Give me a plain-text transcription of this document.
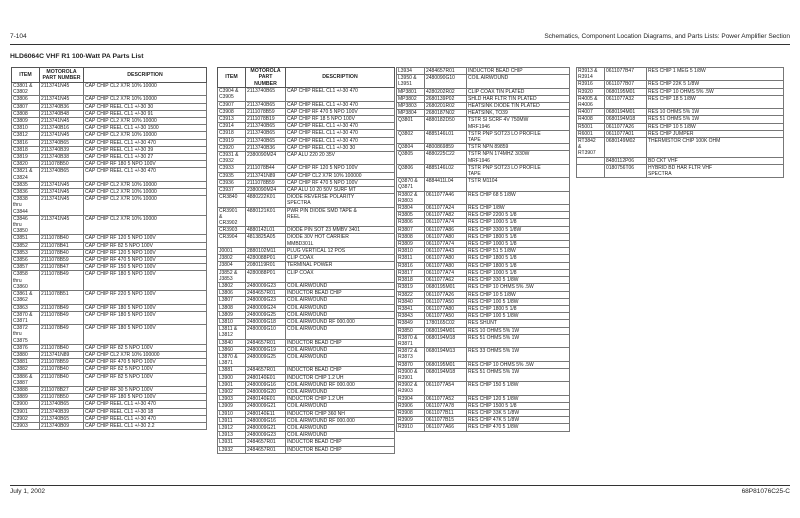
7-104	Schematics, Component Location Diagrams, and Parts Lists: Power Amplifier Section
HLD6064C VHF R1 100-Watt PA Parts List
ITEM	MOTOROLA
PART NUMBER	DESCRIPTION
C3801 &
C3802	2113741N45	CAP CHIP CL2 X7R 10% 10000
C3806	2113741N45	CAP CHIP CL2 X7R 10% 10000
C3807	2113740B36	CAP CHIP REEL CL1 +/-30 30
C3808	2113740B48	CAP CHIP REEL CL1 +/-30 91
C3809	2113741N45	CAP CHIP CL2 X7R 10% 10000
C3810	2113740B16	CAP CHIP REEL CL1 +/-30 1500
C3812	2113741N45	CAP CHIP CL2 X7R 10% 10000
C3816	2113740B65	CAP CHIP REEL CL1 +/-30 470
C3818	2113740B39	CAP CHIP REEL CL1 +/-30 39
C3819	2113740B38	CAP CHIP REEL CL1 +/-30 27
C3820	2111078B50	CAP CHIP RF 180 5 NPO 100V
C3821 &
C3824	2113740B65	CAP CHIP REEL CL1 +/-30 470
C3835	2113741N45	CAP CHIP CL2 X7R 10% 10000
C3836	2113741N45	CAP CHIP CL2 X7R 10% 10000
C3838
thru
C3844	2113741N45	CAP CHIP CL2 X7R 10% 10000
C3846
thru
C3850	2113741N45	CAP CHIP CL2 X7R 10% 10000
C3851	2111078B40	CAP CHIP RF 120 5 NPO 100V
C3852	2111078B41	CAP CHIP RF 82 5 NPO 100V
C3853	2111078B40	CAP CHIP RF 120 5 NPO 100V
C3856	2111078B59	CAP CHIP RF 470 5 NPO 100V
C3857	2111078B47	CAP CHIP RF 150 5 NPO 100V
C3858
thru
C3860	2111078B49	CAP CHIP RF 180 5 NPO 100V
C3861 &
C3862	2111078B51	CAP CHIP RF 220 5 NPO 100V
C3863	2111078B49	CAP CHIP RF 180 5 NPO 100V
C3870 &
C3871	2111078B49	CAP CHIP RF 180 5 NPO 100V
C3872
thru
C3875	2111078B49	CAP CHIP RF 180 5 NPO 100V
C3876	2111078B40	CAP CHIP RF 82 5 NPO 100V
C3880	2113741N89	CAP CHIP CL2 X7R 10% 100000
C3881	2111078B59	CAP CHIP RF 470 5 NPO 100V
C3882	2111078B40	CAP CHIP RF 82 5 NPO 100V
C3886 &
C3887	2111078B40	CAP CHIP RF 82 5 NPO 100V
C3888	2111078B27	CAP CHIP RF 30 5 NPO 100V
C3889	2111078B50	CAP CHIP RF 180 5 NPO 100V
C3900	2113740B65	CAP CHIP REEL CL1 +/-30 470
C3901	2113740B39	CAP CHIP REEL CL1 +/-30 18
C3902	2113740B65	CAP CHIP REEL CL1 +/-30 470
C3903	2113740B09	CAP CHIP REEL CL1 +/-30 2.2
ITEM	MOTOROLA
PART NUMBER	DESCRIPTION
C3904 &
C3905	2113740B65	CAP CHIP REEL CL1 +/-30 470
C3907	2113740B65	CAP CHIP REEL CL1 +/-30 470
C3908	2111078B59	CAP CHIP RF 470 5 NPO 100V
C3913	2111078B19	CAP CHIP RF 18 5 NPO 100V
C3914	2113740B65	CAP CHIP REEL CL1 +/-30 470
C3918	2113740B65	CAP CHIP REEL CL1 +/-30 470
C3919	2113740B65	CAP CHIP REEL CL1 +/-30 470
C3920	2113740B36	CAP CHIP REEL CL1 +/-30 30
C3931 &
C3932	2380090M24	CAP ALU 220 20 35V
C3933	2111078B44	CAP CHIP RF 120 5 NPO 100V
C3935	2113741N89	CAP CHIP CL2 X7R 10% 100000
C3936	2111078B59	CAP CHIP RF 470 5 NPO 100V
C3937	2380090M24	CAP ALU 10 20 50V SURF MT
CR3840	4880222K01	DIODE REVERSE POLARITY
SPECTRA
CR3901
&
CR3902	4880121K01	PWR PIN DIODE SMD TAPE &
REEL
CR3903	4880142L01	DIODE PIN SOT 23 MMBV 3401
CR3904	4813825A05	DIODE 30V HOT CARRIER
MMBD301L
J0001	2880102M11	PLUG VERTICAL 12 POS
J3802	4280088P01	CLIP COAX
J3804	2080119R01	TERMINAL POWER
J3852 &
J3853	4280088P01	CLIP COAX
L3802	2480009G23	COIL AIRWOUND
L3806	2484657R01	INDUCTOR BEAD CHIP
L3807	2480009G23	COIL AIRWOUND
L3808	2480009G24	COIL AIRWOUND
L3809	2480009G25	COIL AIRWOUND
L3810	2480009G18	COIL AIRWOUND RF 000.000
L3811 &
L3812	2480009G10	COIL AIRWOUND
L3840	2484657R01	INDUCTOR BEAD CHIP
L3860	2480009G19	COIL AIRWOUND
L3870 &
L3871	2480009G25	COIL AIRWOUND
L3881	2484657R01	INDUCTOR BEAD CHIP
L3900	2480140E01	INDUCTOR CHIP 1.2 UH
L3901	2480009G16	COIL AIRWOUND RF 000.000
L3902	2480009G20	COIL AIRWOUND
L3903	2480140E01	INDUCTOR CHIP 1.2 UH
L3909	2480009G21	COIL AIRWOUND
L3910	2480140E11	INDUCTOR CHIP 360 NH
L3911	2480009G16	COIL AIRWOUND RF 000.000
L3912	2480009G21	COIL AIRWOUND
L3913	2480009G23	COIL AIRWOUND
L3931	2484657R01	INDUCTOR BEAD CHIP
L3932	2484657R01	INDUCTOR BEAD CHIP
L3934	2484657R01	INDUCTOR BEAD CHIP
L3950 &
L3951	2480090G10	COIL AIRWOUND
MP3801	4280202R02	CLIP COAX TIN PLATED
MP3802	2680139P02	SHLD HAR FLTR TIN PLATED
MP3803	2680201R02	HEATSINK DIODE TIN PLATED
MP3804	2680187N02	HEATSINK, TO39
Q3801	4880182D50	TSTR SI SCRF 4V 750MW
MRF1946
Q3802	4885146L01	TSTR PNP SOT23 LO PROFILE
TAPE
Q3804	4800869859	TSTR NPN 89859
Q3805	4880225C22	TSTR NPN 174MHZ 3/30W
MRF1946
Q3806	4885146L02	TSTR PNP SOT23 LO PROFILE
TAPE
Q3870 &
Q3871	4884411L04	TSTR M1104
R3802 &
R3803	0611077A46	RES CHIP 68 5 1/8W
R3804	0611077A24	RES CHIP 1/8W
R3805	0611077A82	RES CHIP 2200 5 1/8
R3806	0611077A74	RES CHIP 1000 5 1/8
R3807	0611077A86	RES CHIP 3300 5 1/8W
R3808	0611077A80	RES CHIP 1800 5 1/8
R3809	0611077A74	RES CHIP 1000 5 1/8
R3810	0611077A43	RES CHIP 51 5 1/8W
R3811	0611077A80	RES CHIP 1800 5 1/8
R3816	0611077A80	RES CHIP 1800 5 1/8
R3817	0611077A74	RES CHIP 1000 5 1/8
R3818	0611077A62	RES CHIP 330 5 1/8W
R3819	0680195M01	RES CHIP 10 OHMS 5% .5W
R3822	0611077A26	RES CHIP 10 5 1/8W
R3840	0611077A50	RES CHIP 100 5 1/8W
R3841	0611077A80	RES CHIP 1800 5 1/8
R3843	0611077A50	RES CHIP 100 5 1/8W
R3849	1780165C02	RES SHUNT
R3850	0680194M01	RES 10 OHMS 5% 1W
R3870 &
R3871	0680194M18	RES 51 OHMS 5% 1W
R3872 &
R3873	0680194M13	RES 33 OHMS 5% 1W
R3870	0680195M01	RES CHIP 10 OHMS 5% .5W
R3900 &
R3901	0680194M18	RES 51 OHMS 5% 1W
R3902 &
R3903	0611077A54	RES CHIP 150 5 1/8W
R3904	0611077A52	RES CHIP 120 5 1/8W
R3906	0611077A78	RES CHIP 1500 5 1/8
R3908	0611077B11	RES CHIP 33K 5 1/8W
R3909	0611077B15	RES CHIP 47K 5 1/8W
R3910	0611077A66	RES CHIP 470 5 1/8W
R3913 &
R3914	0611077B47	RES CHIP 1 MEG 5 1/8W
R3916	0611077B07	RES CHIP 22K 5 1/8W
R3920	0680195M01	RES CHIP 10 OHMS 5% .5W
R4005 &
R4006	0611077A32	RES CHIP 18 5 1/8W
R4007	0680194M01	RES 10 OHMS 5% 1W
R4008	0680194M18	RES 51 OHMS 5% 1W
R5001	0611077A26	RES CHIP 10 5 1/8W
R6001	0611077A01	RES CHIP JUMPER
RT3842
&
RT3907	0680149M02	THERMISTOR CHIP 100K OHM
	8480112P06	BD CKT VHF
	0180756T06	HYBRID BD HAR FLTR VHF
SPECTRA
July 1, 2002	68P81076C25-C
